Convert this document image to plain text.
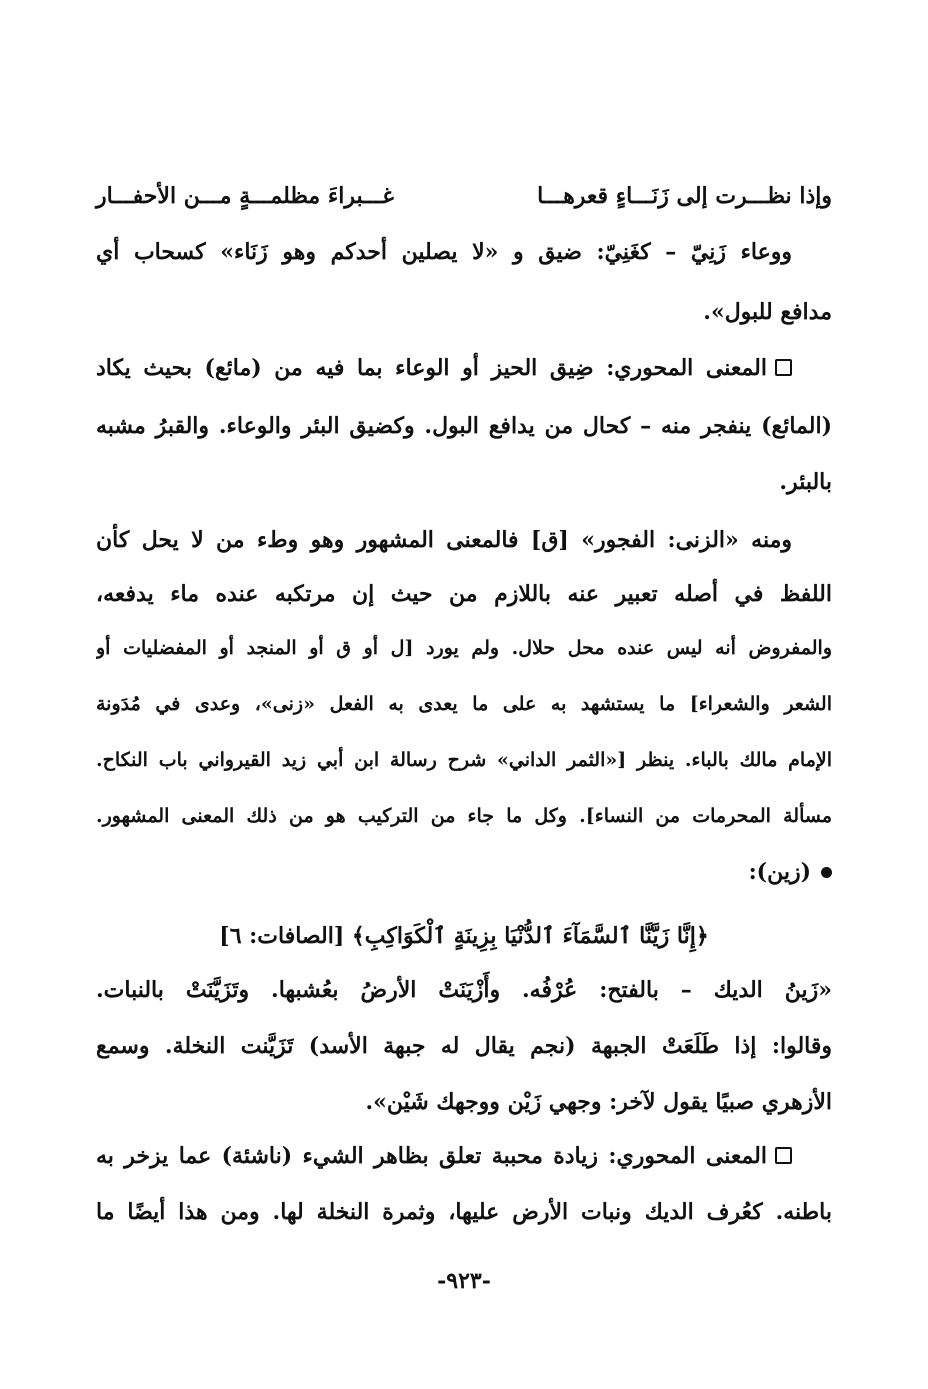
وإذا نظـــرت إلى زَنَـــاءٍ قعرهـــا
غـــبراءَ مظلمـــةٍ مـــن الأحفـــار
ووعاء زَنِيّ – كغَنِيّ: ضيق و «لا يصلين أحدكم وهو زَنَاء» كسحاب أي
مدافع للبول».
المعنى المحوري: ضِيق الحيز أو الوعاء بما فيه من (مائع) بحيث يكاد
(المائع) ينفجر منه – كحال من يدافع البول. وكضيق البئر والوعاء. والقبرُ مشبه
بالبئر.
ومنه «الزنى: الفجور» [ق] فالمعنى المشهور وهو وطء من لا يحل كأن
اللفظ في أصله تعبير عنه باللازم من حيث إن مرتكبه عنده ماء يدفعه،
والمفروض أنه ليس عنده محل حلال. ولم يورد [ل أو ق أو المنجد أو المفضليات أو
الشعر والشعراء] ما يستشهد به على ما يعدى به الفعل «زنى»، وعدى في مُدَونة
الإمام مالك بالباء. ينظر [«الثمر الداني» شرح رسالة ابن أبي زيد القيرواني باب النكاح.
مسألة المحرمات من النساء]. وكل ما جاء من التركيب هو من ذلك المعنى المشهور.
(زين):
﴿إِنَّا زَيَّنَّا ٱلسَّمَآءَ ٱلدُّنْيَا بِزِينَةٍ ٱلْكَوَاكِبِ﴾ [الصافات: ٦]
«زَينُ الديك – بالفتح: عُرْفُه. وأَزْيَنَتْ الأرضُ بعُشبها. وتَزَيَّنَتْ بالنبات.
وقالوا: إذا طَلَعَتْ الجبهة (نجم يقال له جبهة الأسد) تَزَيَّنت النخلة. وسمع
الأزهري صبيًا يقول لآخر: وجهي زَيْن ووجهك شَيْن».
المعنى المحوري: زيادة محببة تعلق بظاهر الشيء (ناشئة) عما يزخر به
باطنه. كعُرف الديك ونبات الأرض عليها، وثمرة النخلة لها. ومن هذا أيضًا ما
-٩٢٣-
